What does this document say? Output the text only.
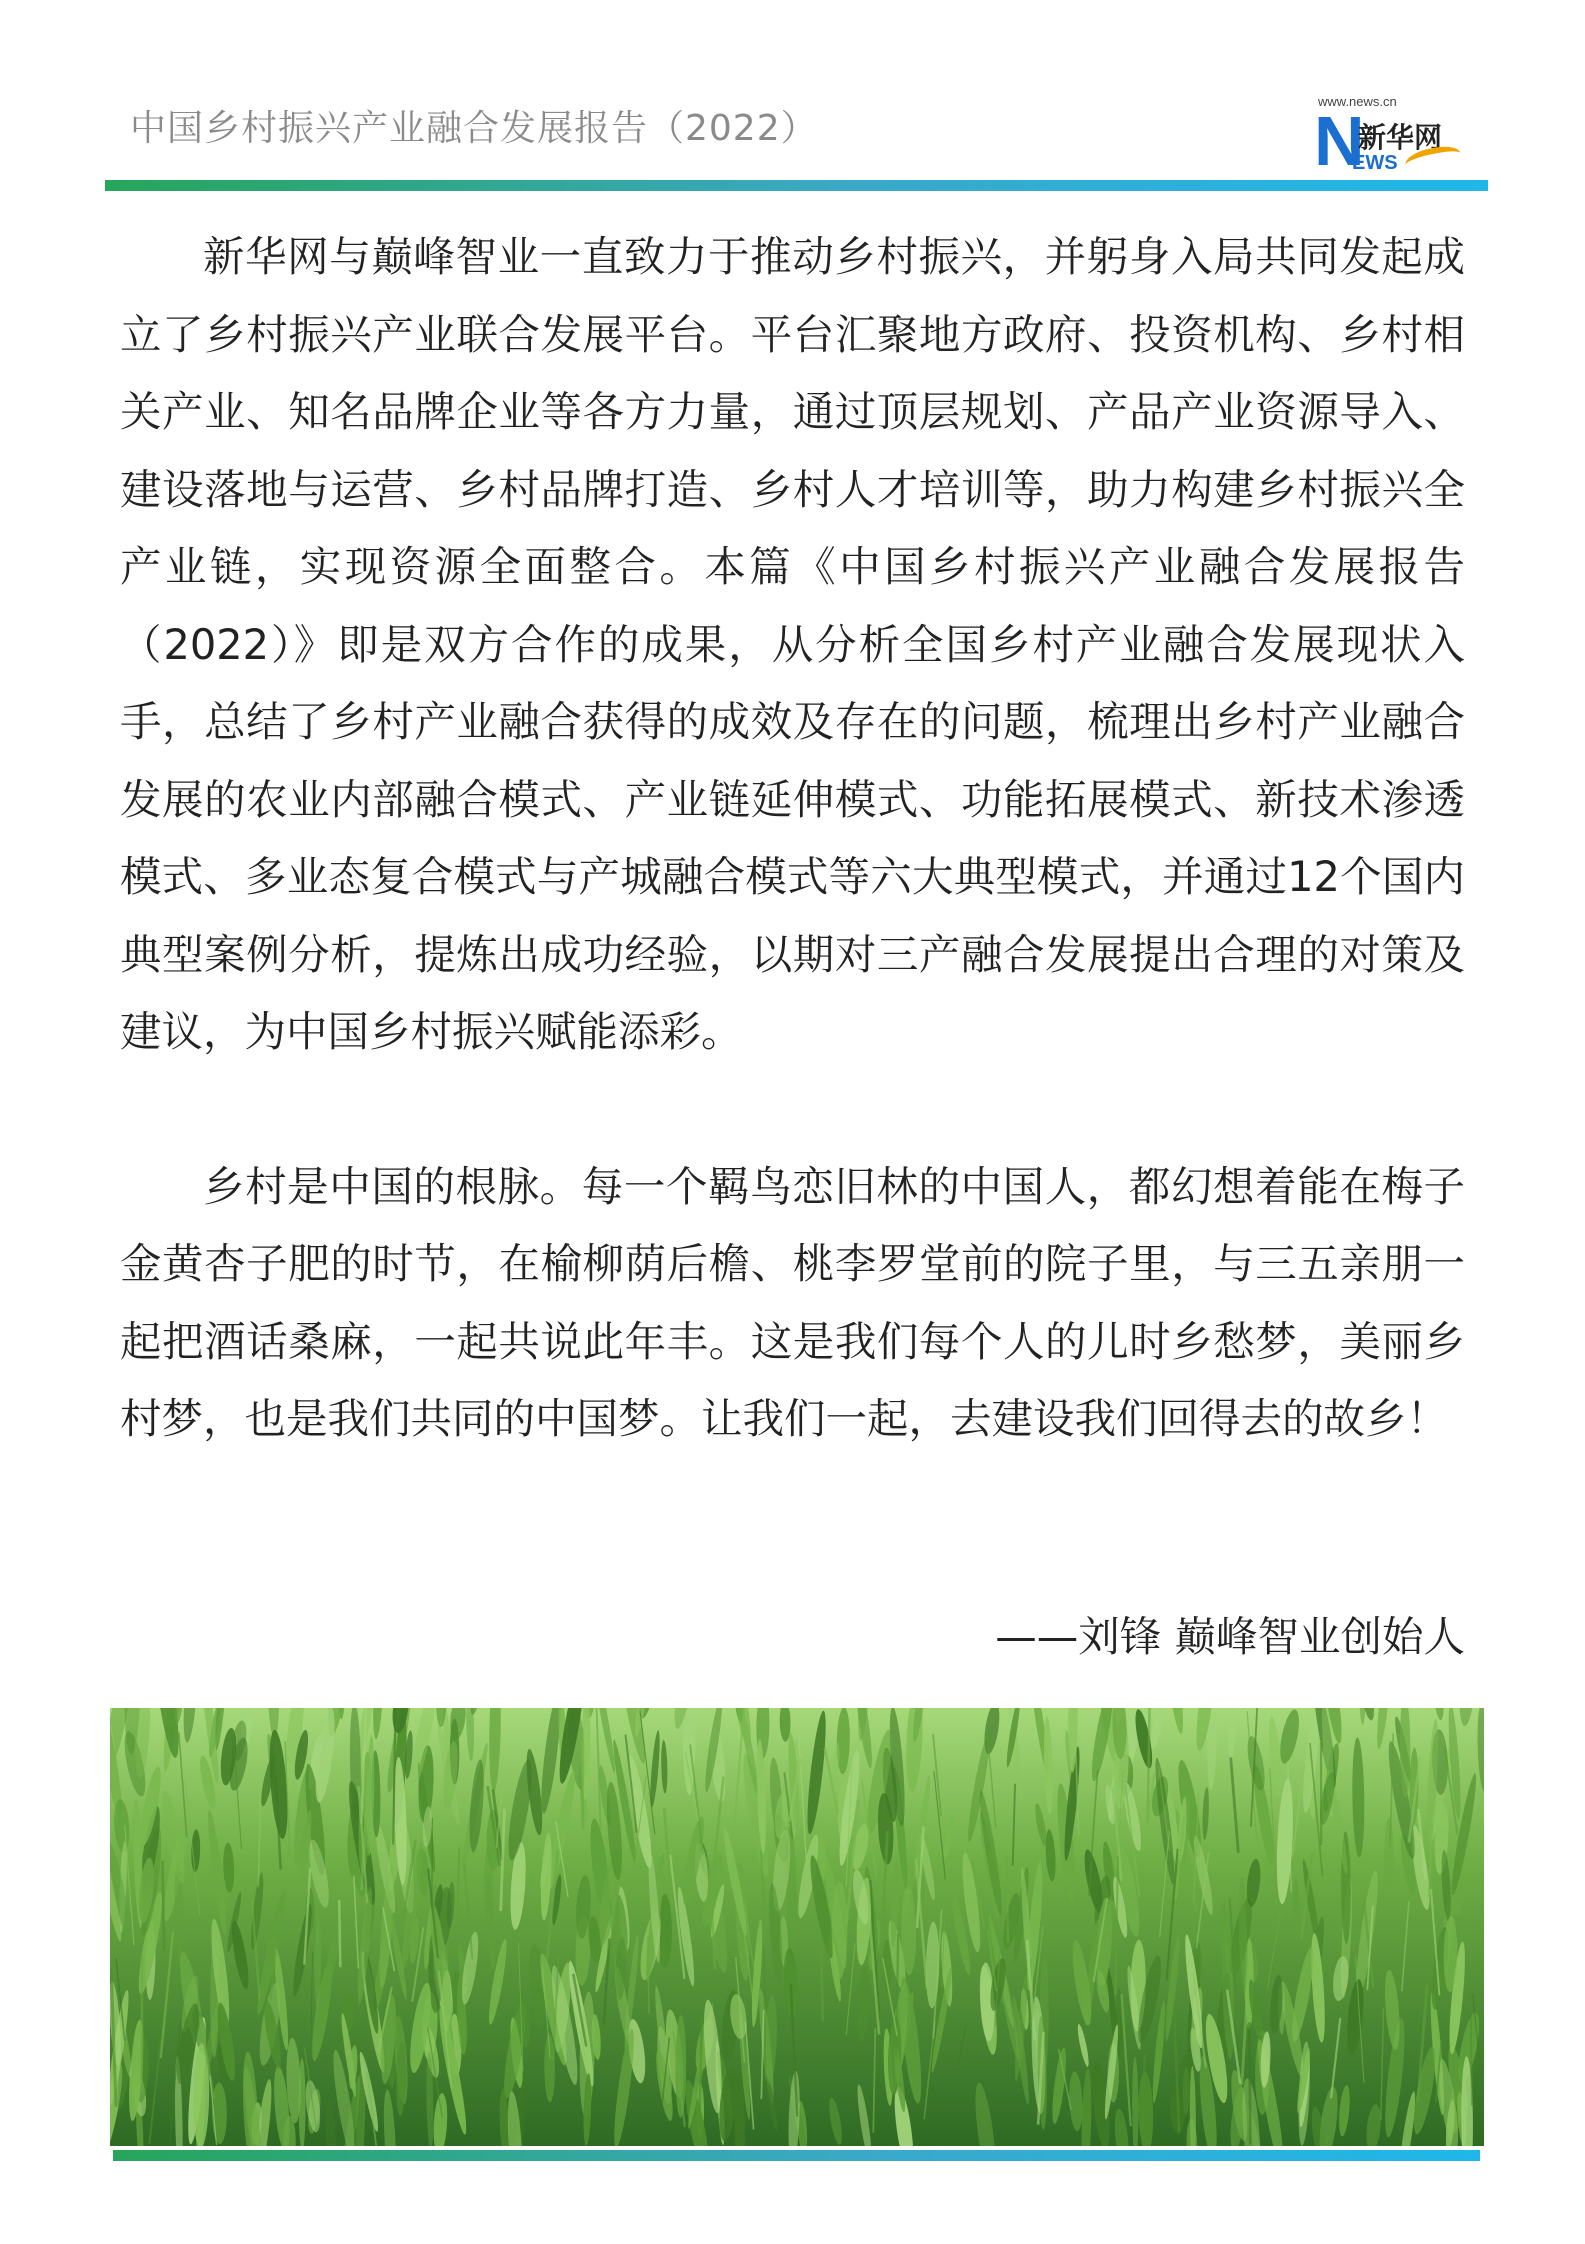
中国乡村振兴产业融合发展报告（2022）
www.news.cn
N
新华网
EWS

新华网与巅峰智业一直致力于推动乡村振兴，并躬身入局共同发起成立了乡村振兴产业联合发展平台。平台汇聚地方政府、投资机构、乡村相关产业、知名品牌企业等各方力量，通过顶层规划、产品产业资源导入、建设落地与运营、乡村品牌打造、乡村人才培训等，助力构建乡村振兴全产业链，实现资源全面整合。本篇《中国乡村振兴产业融合发展报告（2022）》即是双方合作的成果，从分析全国乡村产业融合发展现状入手，总结了乡村产业融合获得的成效及存在的问题，梳理出乡村产业融合发展的农业内部融合模式、产业链延伸模式、功能拓展模式、新技术渗透模式、多业态复合模式与产城融合模式等六大典型模式，并通过12个国内典型案例分析，提炼出成功经验，以期对三产融合发展提出合理的对策及建议，为中国乡村振兴赋能添彩。

乡村是中国的根脉。每一个羁鸟恋旧林的中国人，都幻想着能在梅子金黄杏子肥的时节，在榆柳荫后檐、桃李罗堂前的院子里，与三五亲朋一起把酒话桑麻，一起共说此年丰。这是我们每个人的儿时乡愁梦，美丽乡村梦，也是我们共同的中国梦。让我们一起，去建设我们回得去的故乡！

——刘锋 巅峰智业创始人
